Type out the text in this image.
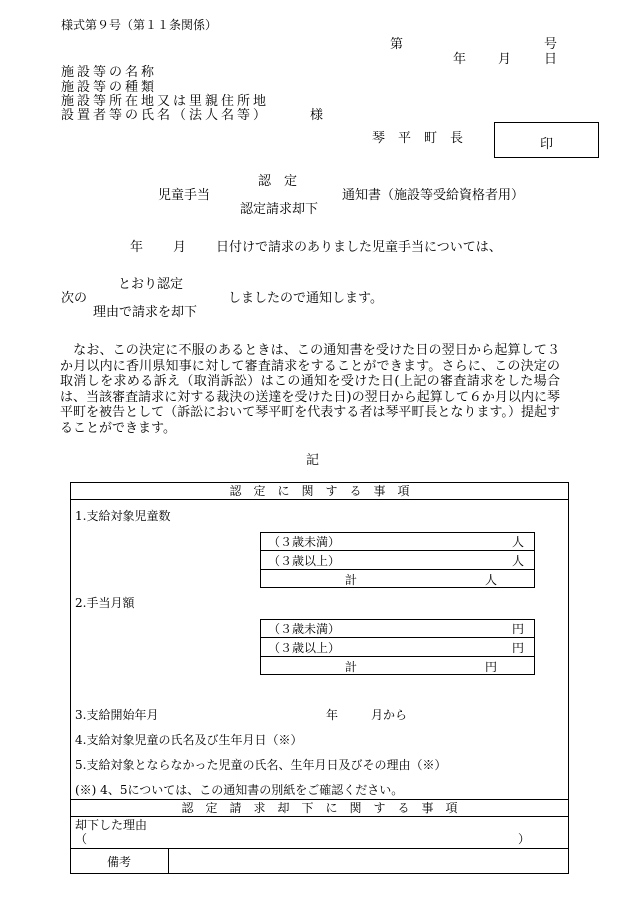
様式第９号（第１１条関係）
第	号
年 月	日
施設等の名称
施設等の種類
施設等所在地又は里親住所地
設置者等の氏名（法人名等）	様
琴　平　町　長	印
認　定
児童手当	通知書（施設等受給資格者用）
認定請求却下
年 月 日付けで請求のありました児童手当については、
とおり認定
次の	しましたので通知します。
理由で請求を却下
なお、この決定に不服のあるときは、この通知書を受けた日の翌日から起算して３か月以内に香川県知事に対して審査請求をすることができます。さらに、この決定の取消しを求める訴え（取消訴訟）はこの通知を受けた日(上記の審査請求をした場合は、当該審査請求に対する裁決の送達を受けた日)の翌日から起算して６か月以内に琴平町を被告として（訴訟において琴平町を代表する者は琴平町長となります。）提起することができます。
記
認　定　に　関　す　る　事　項
1.支給対象児童数
（３歳未満）	人
（３歳以上）	人
計	人
2.手当月額
（３歳未満）	円
（３歳以上）	円
計	円
3.支給開始年月	年	月から
4.支給対象児童の氏名及び生年月日（※）
5.支給対象とならなかった児童の氏名、生年月日及びその理由（※）
(※) 4、5については、この通知書の別紙をご確認ください。
認　定　請　求　却　下　に　関　す　る　事　項
却下した理由
（	）
備考
